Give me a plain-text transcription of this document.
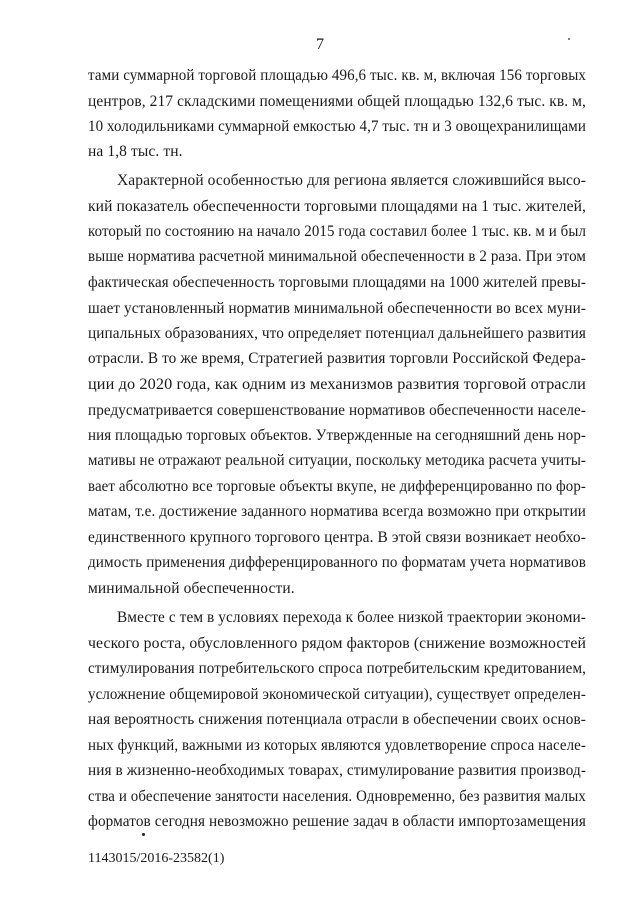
7
тами суммарной торговой площадью 496,6 тыс. кв. м, включая 156 торговых
центров, 217 складскими помещениями общей площадью 132,6 тыс. кв. м,
10 холодильниками суммарной емкостью 4,7 тыс. тн и 3 овощехранилищами
на 1,8 тыс. тн.
Характерной особенностью для региона является сложившийся высо-
кий показатель обеспеченности торговыми площадями на 1 тыс. жителей,
который по состоянию на начало 2015 года составил более 1 тыс. кв. м и был
выше норматива расчетной минимальной обеспеченности в 2 раза. При этом
фактическая обеспеченность торговыми площадями на 1000 жителей превы-
шает установленный норматив минимальной обеспеченности во всех муни-
ципальных образованиях, что определяет потенциал дальнейшего развития
отрасли. В то же время, Стратегией развития торговли Российской Федера-
ции до 2020 года, как одним из механизмов развития торговой отрасли
предусматривается совершенствование нормативов обеспеченности населе-
ния площадью торговых объектов. Утвержденные на сегодняшний день нор-
мативы не отражают реальной ситуации, поскольку методика расчета учиты-
вает абсолютно все торговые объекты вкупе, не дифференцированно по фор-
матам, т.е. достижение заданного норматива всегда возможно при открытии
единственного крупного торгового центра. В этой связи возникает необхо-
димость применения дифференцированного по форматам учета нормативов
минимальной обеспеченности.
Вместе с тем в условиях перехода к более низкой траектории экономи-
ческого роста, обусловленного рядом факторов (снижение возможностей
стимулирования потребительского спроса потребительским кредитованием,
усложнение общемировой экономической ситуации), существует определен-
ная вероятность снижения потенциала отрасли в обеспечении своих основ-
ных функций, важными из которых являются удовлетворение спроса населе-
ния в жизненно-необходимых товарах, стимулирование развития производ-
ства и обеспечение занятости населения. Одновременно, без развития малых
форматов сегодня невозможно решение задач в области импортозамещения
1143015/2016-23582(1)
